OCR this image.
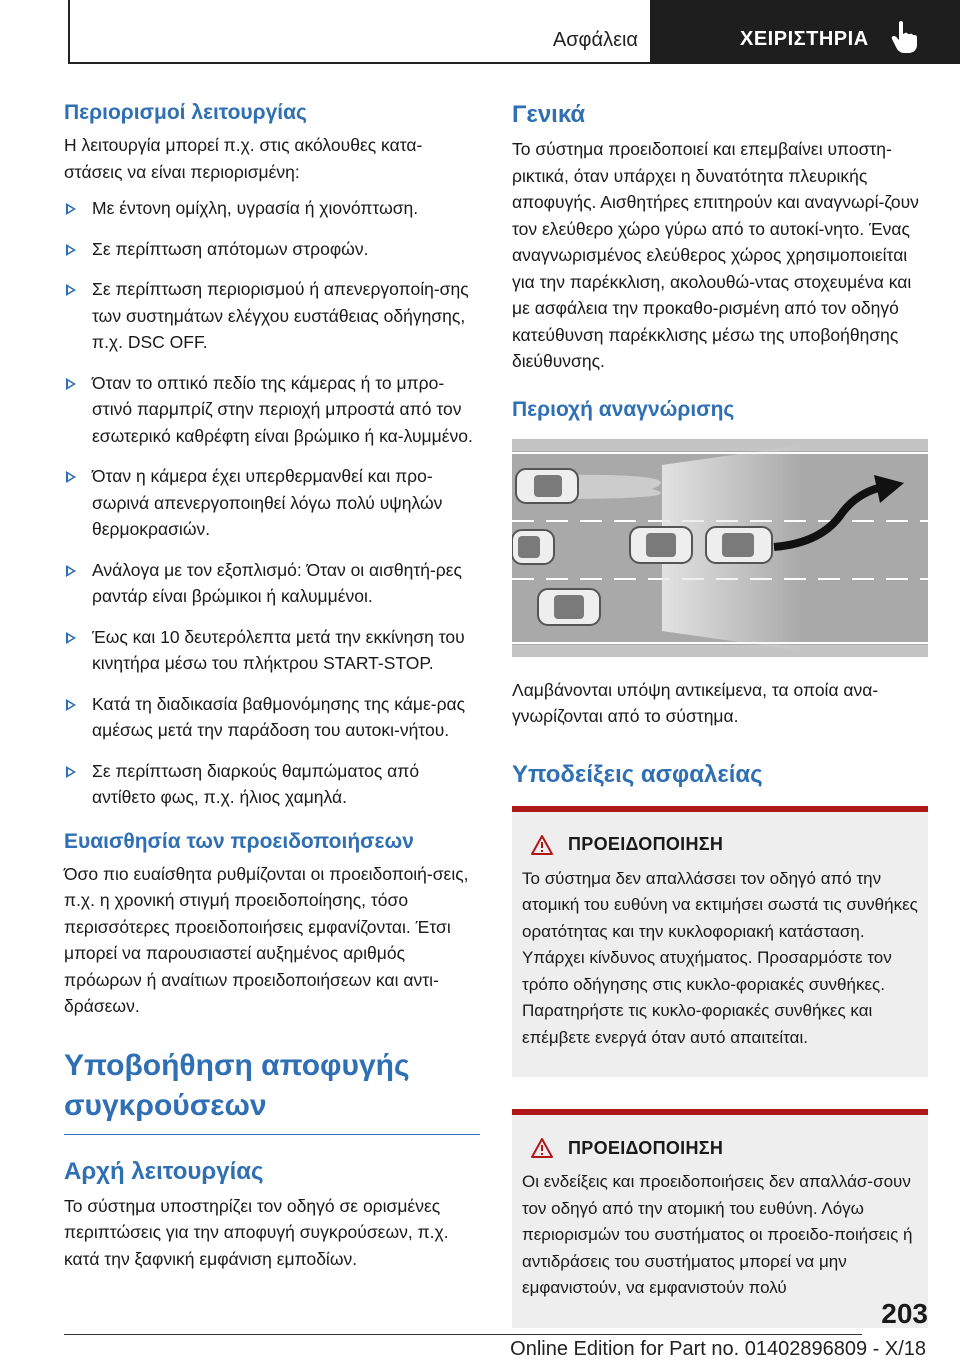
Ασφάλεια	ΧΕΙΡΙΣΤΗΡΙΑ
Περιορισμοί λειτουργίας

Η λειτουργία μπορεί π.χ. στις ακόλουθες κατα-στάσεις να είναι περιορισμένη:

Με έντονη ομίχλη, υγρασία ή χιονόπτωση.
Σε περίπτωση απότομων στροφών.
Σε περίπτωση περιορισμού ή απενεργοποίη-σης των συστημάτων ελέγχου ευστάθειας οδήγησης, π.χ. DSC OFF.
Όταν το οπτικό πεδίο της κάμερας ή το μπρο-στινό παρμπρίζ στην περιοχή μπροστά από τον εσωτερικό καθρέφτη είναι βρώμικο ή κα-λυμμένο.
Όταν η κάμερα έχει υπερθερμανθεί και προ-σωρινά απενεργοποιηθεί λόγω πολύ υψηλών θερμοκρασιών.
Ανάλογα με τον εξοπλισμό: Όταν οι αισθητή-ρες ραντάρ είναι βρώμικοι ή καλυμμένοι.
Έως και 10 δευτερόλεπτα μετά την εκκίνηση του κινητήρα μέσω του πλήκτρου START-STOP.
Κατά τη διαδικασία βαθμονόμησης της κάμε-ρας αμέσως μετά την παράδοση του αυτοκι-νήτου.
Σε περίπτωση διαρκούς θαμπώματος από αντίθετο φως, π.χ. ήλιος χαμηλά.
Ευαισθησία των προειδοποιήσεων

Όσο πιο ευαίσθητα ρυθμίζονται οι προειδοποιή-σεις, π.χ. η χρονική στιγμή προειδοποίησης, τόσο περισσότερες προειδοποιήσεις εμφανίζονται. Έτσι μπορεί να παρουσιαστεί αυξημένος αριθμός πρόωρων ή αναίτιων προειδοποιήσεων και αντι-δράσεων.

Υποβοήθηση αποφυγής συγκρούσεων
Αρχή λειτουργίας

Το σύστημα υποστηρίζει τον οδηγό σε ορισμένες περιπτώσεις για την αποφυγή συγκρούσεων, π.χ. κατά την ξαφνική εμφάνιση εμποδίων.

Γενικά

Το σύστημα προειδοποιεί και επεμβαίνει υποστη-ρικτικά, όταν υπάρχει η δυνατότητα πλευρικής αποφυγής. Αισθητήρες επιτηρούν και αναγνωρί-ζουν τον ελεύθερο χώρο γύρω από το αυτοκί-νητο. Ένας αναγνωρισμένος ελεύθερος χώρος χρησιμοποιείται για την παρέκκλιση, ακολουθώ-ντας στοχευμένα και με ασφάλεια την προκαθο-ρισμένη από τον οδηγό κατεύθυνση παρέκκλισης μέσω της υποβοήθησης διεύθυνσης.

Περιοχή αναγνώρισης

Λαμβάνονται υπόψη αντικείμενα, τα οποία ανα-γνωρίζονται από το σύστημα.

Υποδείξεις ασφαλείας
ΠΡΟΕΙΔΟΠΟΙΗΣΗ

Το σύστημα δεν απαλλάσσει τον οδηγό από την ατομική του ευθύνη να εκτιμήσει σωστά τις συνθήκες ορατότητας και την κυκλοφοριακή κατάσταση. Υπάρχει κίνδυνος ατυχήματος. Προσαρμόστε τον τρόπο οδήγησης στις κυκλο-φοριακές συνθήκες. Παρατηρήστε τις κυκλο-φοριακές συνθήκες και επέμβετε ενεργά όταν αυτό απαιτείται.

ΠΡΟΕΙΔΟΠΟΙΗΣΗ

Οι ενδείξεις και προειδοποιήσεις δεν απαλλάσ-σουν τον οδηγό από την ατομική του ευθύνη. Λόγω περιορισμών του συστήματος οι προειδο-ποιήσεις ή αντιδράσεις του συστήματος μπορεί να μην εμφανιστούν, να εμφανιστούν πολύ

203
Online Edition for Part no. 01402896809 - X/18
